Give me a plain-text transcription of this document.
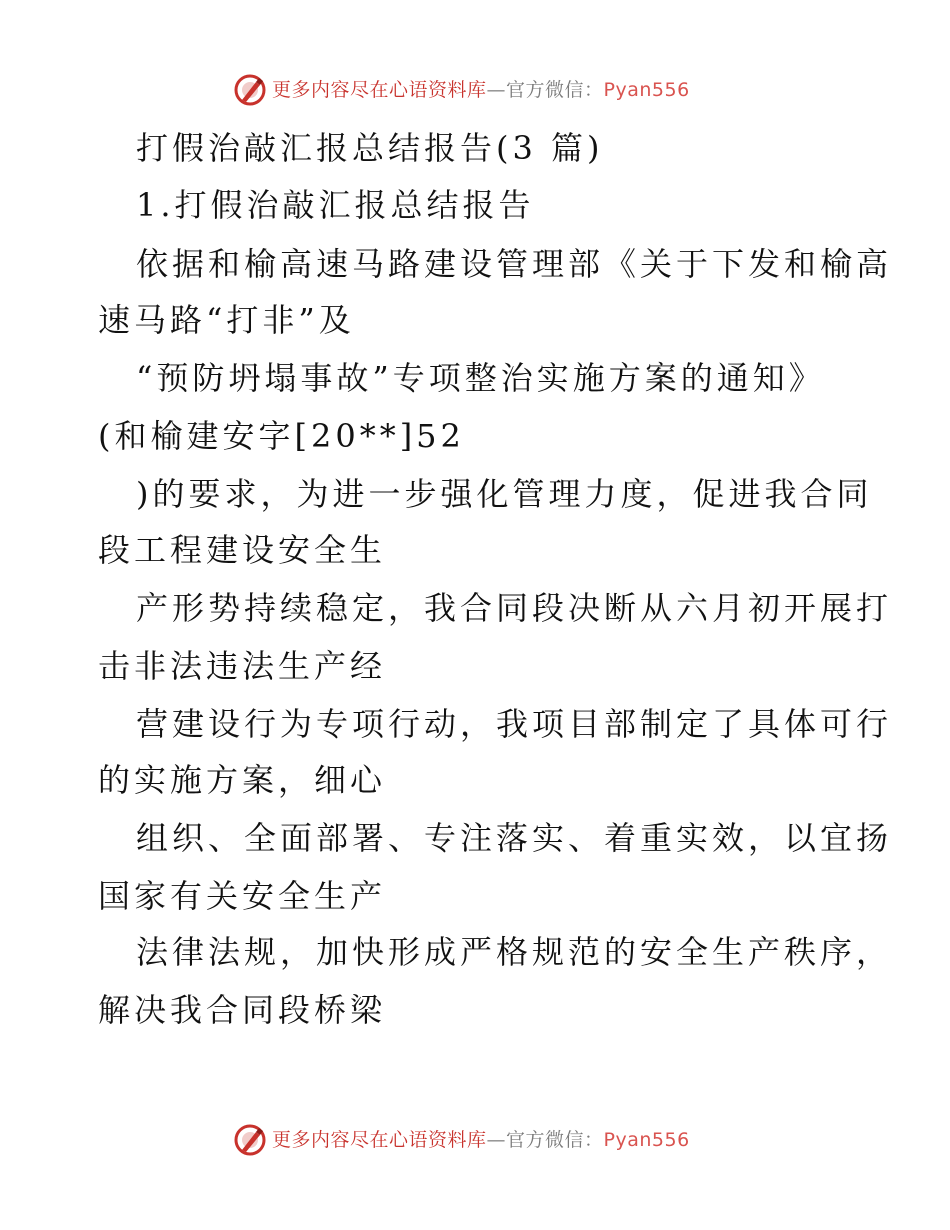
更多内容尽在心语资料库—官方微信：Pyan556
打假治敲汇报总结报告(3 篇)
1.打假治敲汇报总结报告
依据和榆高速马路建设管理部《关于下发和榆高
速马路“打非”及
“预防坍塌事故”专项整治实施方案的通知》
(和榆建安字[20**]52
)的要求，为进一步强化管理力度，促进我合同
段工程建设安全生
产形势持续稳定，我合同段决断从六月初开展打
击非法违法生产经
营建设行为专项行动，我项目部制定了具体可行
的实施方案，细心
组织、全面部署、专注落实、着重实效，以宜扬
国家有关安全生产
法律法规，加快形成严格规范的安全生产秩序，
解决我合同段桥梁
更多内容尽在心语资料库—官方微信：Pyan556
